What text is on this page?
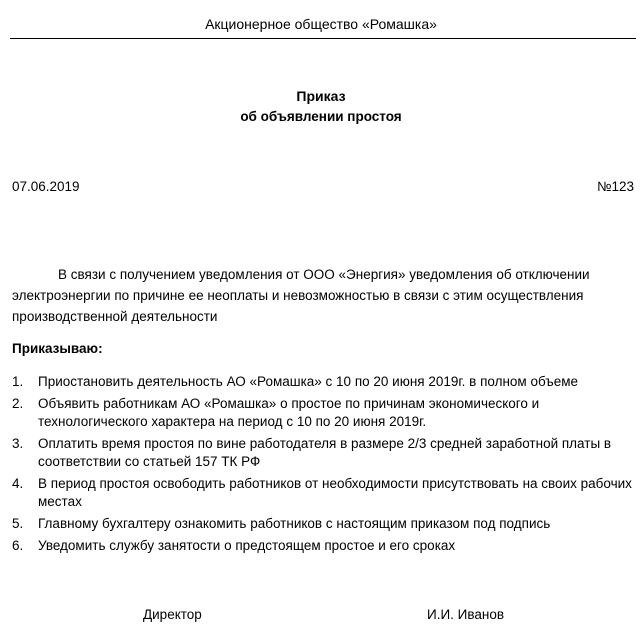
Акционерное общество «Ромашка»
Приказ
об объявлении простоя
07.06.2019	№123
В связи с получением уведомления от ООО «Энергия» уведомления об отключении электроэнергии по причине ее неоплаты и невозможностью в связи с этим осуществления производственной деятельности
Приказываю:
1. Приостановить деятельность АО «Ромашка» с 10 по 20 июня 2019г. в полном объеме
2. Объявить работникам АО «Ромашка» о простое по причинам экономического и технологического характера на период с 10 по 20 июня 2019г.
3. Оплатить время простоя по вине работодателя в размере 2/3 средней заработной платы в соответствии со статьей 157 ТК РФ
4. В период простоя освободить работников от необходимости присутствовать на своих рабочих местах
5. Главному бухгалтеру ознакомить работников с настоящим приказом под подпись
6. Уведомить службу занятости о предстоящем простое и его сроках
Директор	И.И. Иванов
